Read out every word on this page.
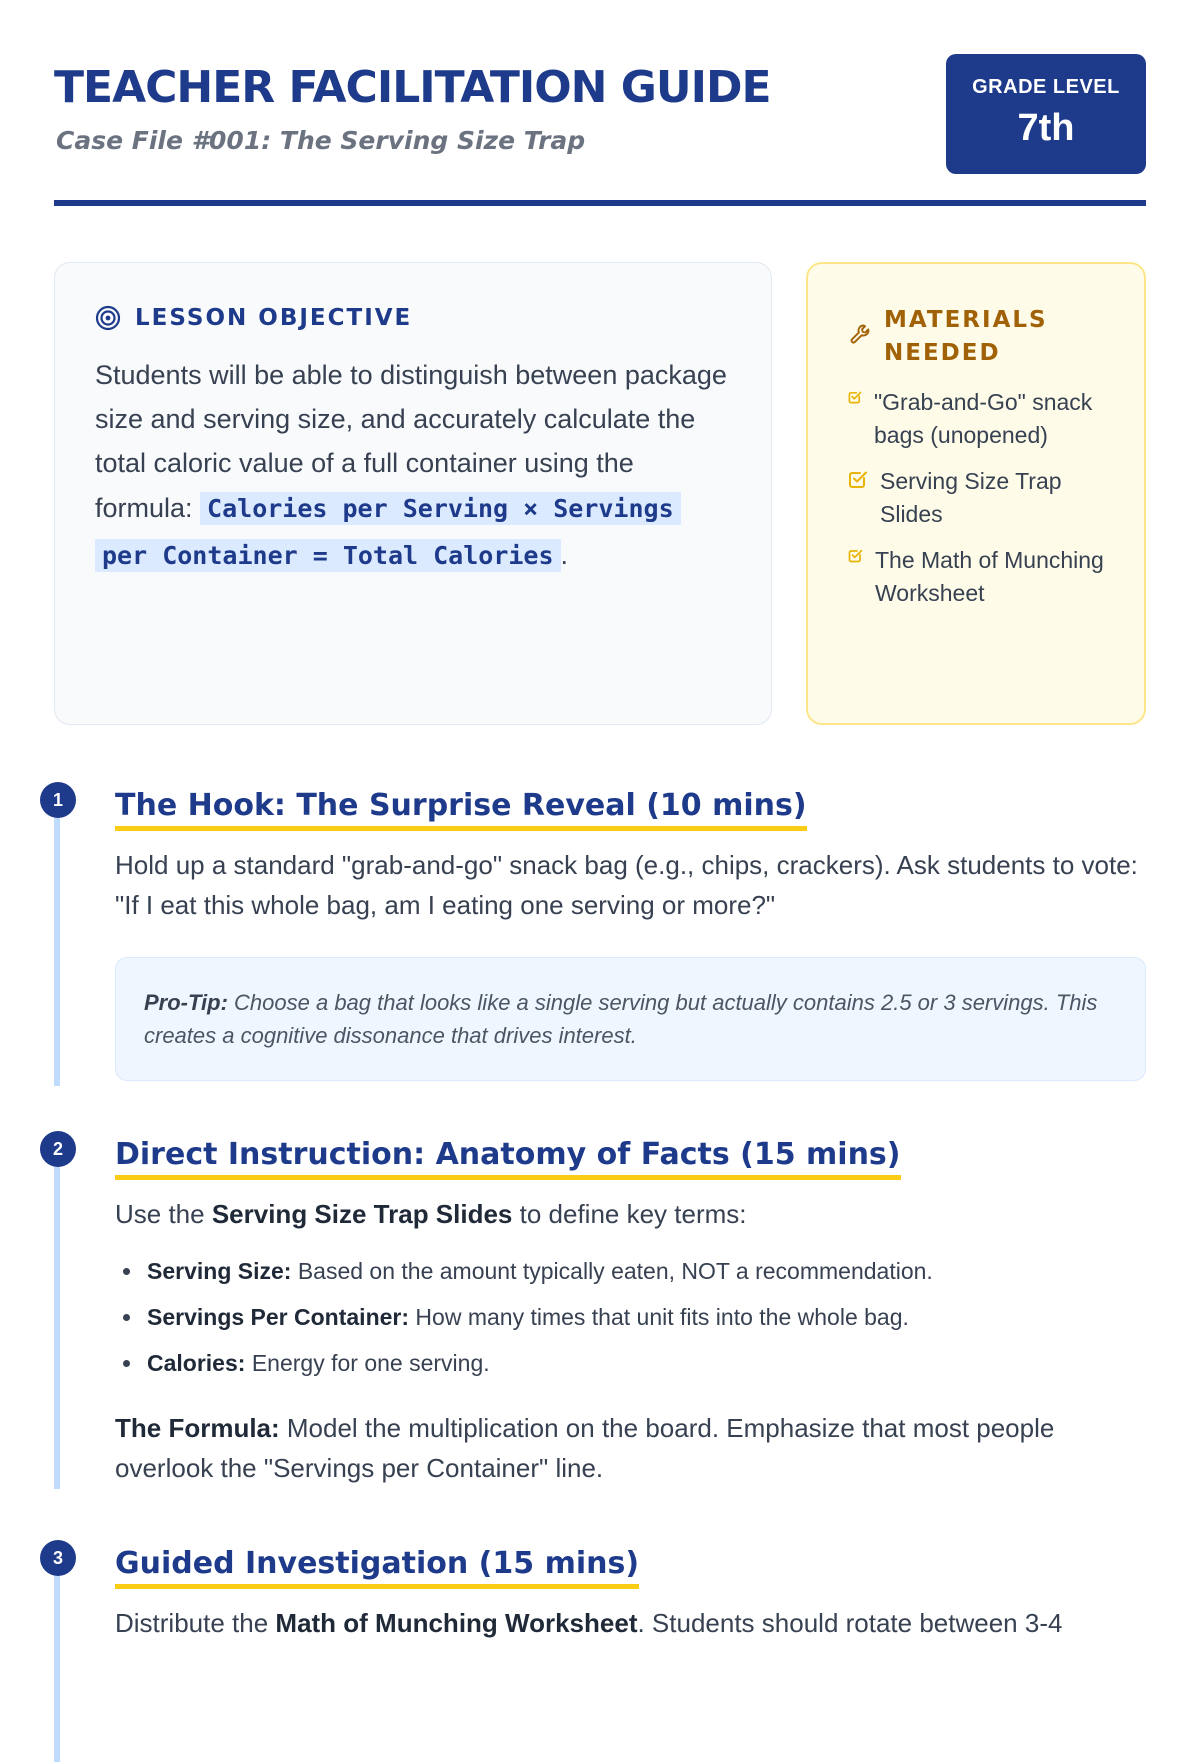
TEACHER FACILITATION GUIDE
Case File #001: The Serving Size Trap
GRADE LEVEL
7th
LESSON OBJECTIVE

Students will be able to distinguish between package size and serving size, and accurately calculate the total caloric value of a full container using the formula: Calories per Serving × Servings per Container = Total Calories .

MATERIALS NEEDED
"Grab-and-Go" snack bags (unopened)
Serving Size Trap Slides
The Math of Munching Worksheet
1	The Hook: The Surprise Reveal (10 mins)

Hold up a standard "grab-and-go" snack bag (e.g., chips, crackers). Ask students to vote: "If I eat this whole bag, am I eating one serving or more?"

Pro-Tip: Choose a bag that looks like a single serving but actually contains 2.5 or 3 servings. This creates a cognitive dissonance that drives interest.
2	Direct Instruction: Anatomy of Facts (15 mins)

Use the Serving Size Trap Slides to define key terms:

Serving Size: Based on the amount typically eaten, NOT a recommendation.
Servings Per Container: How many times that unit fits into the whole bag.
Calories: Energy for one serving.

The Formula: Model the multiplication on the board. Emphasize that most people overlook the "Servings per Container" line.

3	Guided Investigation (15 mins)

Distribute the Math of Munching Worksheet. Students should rotate between 3-4
